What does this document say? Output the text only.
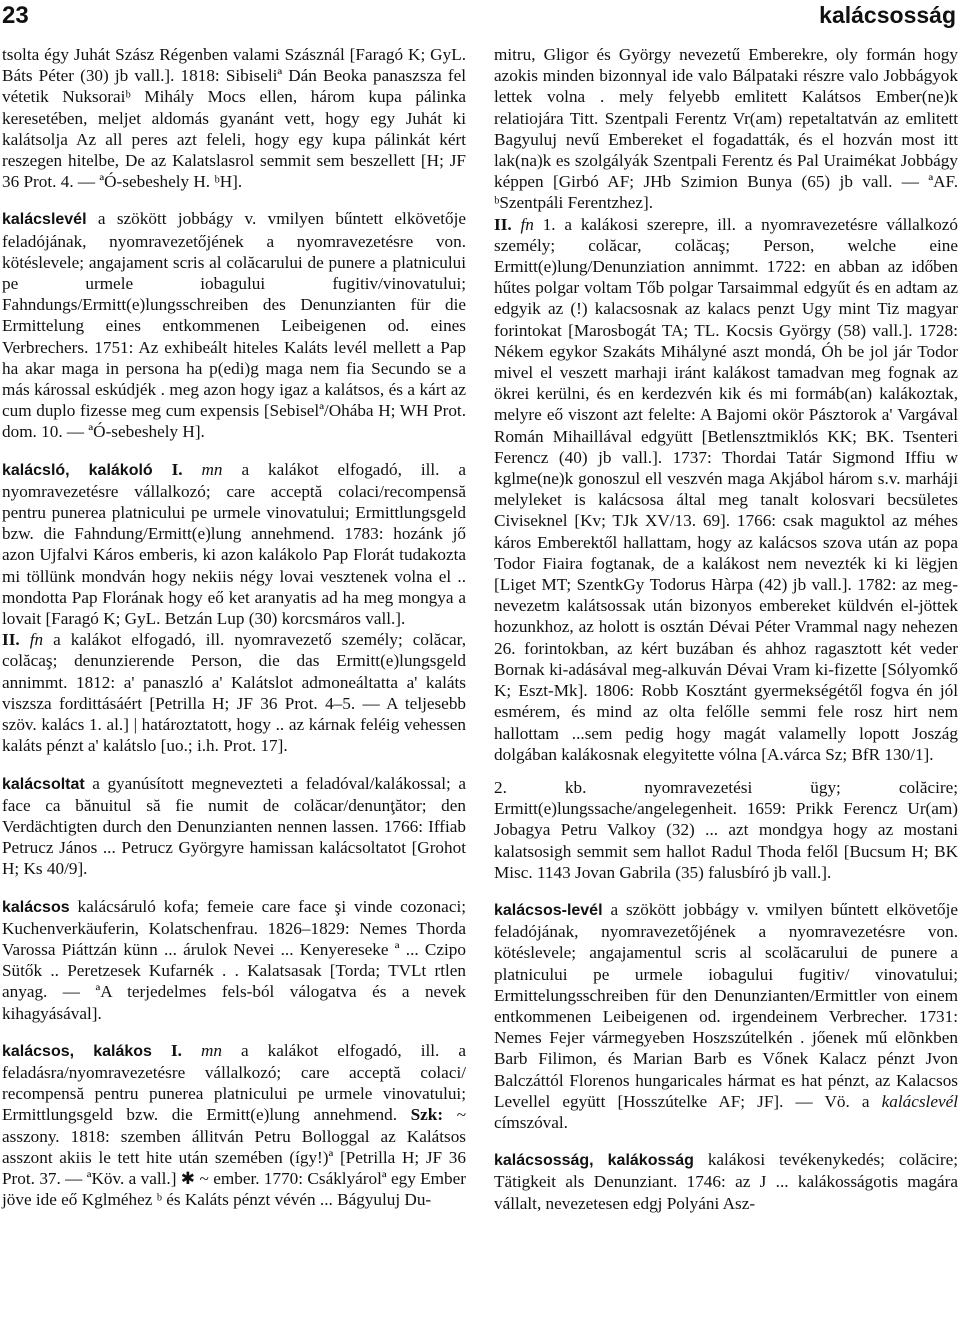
23	kalácsosság

tsolta égy Juhát Szász Régenben valami Szásznál [Faragó K; GyL. Báts Péter (30) jb vall.]. 1818: Sibiseliª Dán Beoka panaszsza fel vétetik Nuksoraiᵇ Mihály Mocs ellen, három kupa pálinka keresetében, meljet aldomás gyanánt vett, hogy egy Juhát ki kalátsolja Az all peres azt feleli, hogy egy kupa pálinkát kért reszegen hitelbe, De az Kalatslasrol semmit sem beszellett [H; JF 36 Prot. 4. — ªÓ-sebeshely H. ᵇH].

kalácslevél a szökött jobbágy v. vmilyen bűntett elkövetője feladójának, nyomravezetőjének a nyomravezetésre von. kötéslevele; angajament scris al colăcarului de punere a platnicului pe urmele iobagului fugitiv/vinovatului; Fahndungs/Ermitt(e)lungsschreiben des Denunzianten für die Ermittelung eines entkommenen Leibeigenen od. eines Verbrechers. 1751: Az exhibeált hiteles Kaláts levél mellett a Pap ha akar maga in persona ha p(edi)g maga nem fia Secundo se a más károssal eskúdjék . meg azon hogy igaz a kalátsos, és a kárt az cum duplo fizesse meg cum expensis [Sebiselª/Ohába H; WH Prot. dom. 10. — ªÓ-sebeshely H].

kalácsló, kalákoló I. mn a kalákot elfogadó, ill. a nyomravezetésre vállalkozó; care acceptă colaci/recompensă pentru punerea platnicului pe urmele vinovatului; Ermittlungsgeld bzw. die Fahndung/Ermitt(e)lung annehmend. 1783: hozánk jő azon Ujfalvi Káros emberis, ki azon kalákolo Pap Florát tudakozta mi töllünk mondván hogy nekiis négy lovai vesztenek volna el .. mondotta Pap Florának hogy eő ket aranyatis ad ha meg mongya a lovait [Faragó K; GyL. Betzán Lup (30) korcsmáros vall.].

II. fn a kalákot elfogadó, ill. nyomravezető személy; colăcar, colăcaş; denunzierende Person, die das Ermitt(e)lungsgeld annimmt. 1812: a' panaszló a' Kalátslot admoneáltatta a' kaláts viszsza fordittásáért [Petrilla H; JF 36 Prot. 4–5. — A teljesebb szöv. kalács 1. al.] | határoztatott, hogy .. az kárnak feléig vehessen kaláts pénzt a' kalátslo [uo.; i.h. Prot. 17].

kalácsoltat a gyanúsított megnevezteti a feladóval/kalákossal; a face ca bănuitul să fie numit de colăcar/denunţător; den Verdächtigten durch den Denunzianten nennen lassen. 1766: Iffiab Petrucz János ... Petrucz Györgyre hamissan kalácsoltatot [Grohot H; Ks 40/9].

kalácsos kalácsáruló kofa; femeie care face şi vinde cozonaci; Kuchenverkäuferin, Kolatschenfrau. 1826–1829: Nemes Thorda Varossa Piáttzán künn ... árulok Nevei ... Kenyereseke ª ... Czipo Sütők .. Peretzesek Kufarnék . . Kalatsasak [Torda; TVLt rtlen anyag. — ªA terjedelmes fels-ból válogatva és a nevek kihagyásával].

kalácsos, kalákos I. mn a kalákot elfogadó, ill. a feladásra/nyomravezetésre vállalkozó; care acceptă colaci/ recompensă pentru punerea platnicului pe urmele vinovatului; Ermittlungsgeld bzw. die Ermitt(e)lung annehmend. Szk: ~ asszony. 1818: szemben állitván Petru Bolloggal az Kalátsos asszont akiis le tett hite után szemében (ígyǃ)ª [Petrilla H; JF 36 Prot. 37. — ªKöv. a vall.] ✱ ~ ember. 1770: Csáklyárolª egy Ember jöve ide eő Kglméhez ᵇ és Kaláts pénzt vévén ... Bágyuluj Du-

mitru, Gligor és György nevezetű Emberekre, oly formán hogy azokis minden bizonnyal ide valo Bálpataki részre valo Jobbágyok lettek volna . mely felyebb emlitett Kalátsos Ember(ne)k relatiojára Titt. Szentpali Ferentz Vr(am) repetaltatván az emlitett Bagyuluj nevű Embereket el fogadatták, és el hozván most itt lak(na)k es szolgályák Szentpali Ferentz és Pal Uraimékat Jobbágy képpen [Girbó AF; JHb Szimion Bunya (65) jb vall. — ªAF. ᵇSzentpáli Ferentzhez].

II. fn 1. a kalákosi szerepre, ill. a nyomravezetésre vállalkozó személy; colăcar, colăcaş; Person, welche eine Ermitt(e)lung/Denunziation annimmt. 1722: en abban az időben hűtes polgar voltam Tőb polgar Tarsaimmal edgyűt és en adtam az edgyik az (!) kalacsosnak az kalacs penzt Ugy mint Tiz magyar forintokat [Marosbogát TA; TL. Kocsis György (58) vall.]. 1728: Nékem egykor Szakáts Mihályné aszt mondá, Óh be jol jár Todor mivel el veszett marhaji iránt kalákost tamadvan meg fognak az ökrei kerülni, és en kerdezvén kik és mi formáb(an) kalákoztak, melyre eő viszont azt felelte: A Bajomi okör Pásztorok a' Vargával Román Mihaillával edgyütt [Betlensztmiklós KK; BK. Tsenteri Ferencz (40) jb vall.]. 1737: Thordai Tatár Sigmond Iffiu w kglme(ne)k gonoszul ell veszvén maga Akjábol három s.v. marháji melyleket is kalácsosa által meg tanalt kolosvari becsületes Civiseknel [Kv; TJk XV/13. 69]. 1766: csak maguktol az méhes káros Emberektől hallattam, hogy az kalácsos szova után az popa Todor Fiaira fogtanak, de a kalákost nem nevezték ki ki lëgjen [Liget MT; SzentkGy Todorus Hàrpa (42) jb vall.]. 1782: az meg-nevezetm kalátsossak után bizonyos embereket küldvén el-jöttek hozunkhoz, az holott is osztán Dévai Péter Vrammal nagy nehezen 26. forintokban, az kért buzában és ahhoz ragasztott két veder Bornak ki-adásával meg-alkuván Dévai Vram ki-fizette [Sólyomkő K; Eszt-Mk]. 1806: Robb Kosztánt gyermekségétől fogva én jól esmérem, és mind az olta felőlle semmi fele rosz hirt nem hallottam ...sem pedig hogy magát valamelly lopott Joszág dolgában kalákosnak elegyitette vólna [A.várca Sz; BfR 130/1].

2. kb. nyomravezetési ügy; colăcire; Ermitt(e)lungssache/angelegenheit. 1659: Prikk Ferencz Ur(am) Jobagya Petru Valkoy (32) ... azt mondgya hogy az mostani kalatsosigh semmit sem hallot Radul Thoda felől [Bucsum H; BK Misc. 1143 Jovan Gabrila (35) falusbíró jb vall.].

kalácsos-levél a szökött jobbágy v. vmilyen bűntett elkövetője feladójának, nyomravezetőjének a nyomravezetésre von. kötéslevele; angajamentul scris al scolăcarului de punere a platnicului pe urmele iobagului fugitiv/ vinovatului; Ermittelungsschreiben für den Denunzianten/Ermittler von einem entkommenen Leibeigenen od. irgendeinem Verbrecher. 1731: Nemes Fejer vármegyeben Hoszszútelkén . jőenek mű elõnkben Barb Filimon, és Marian Barb es Vőnek Kalacz pénzt Jvon Balczáttól Florenos hungaricales hármat es hat pénzt, az Kalacsos Levellel együtt [Hosszútelke AF; JF]. — Vö. a kalácslevél címszóval.

kalácsosság, kalákosság kalákosi tevékenykedés; colăcire; Tätigkeit als Denunziant. 1746: az J ... kalákosságotis magára vállalt, nevezetesen edgj Polyáni Asz-
